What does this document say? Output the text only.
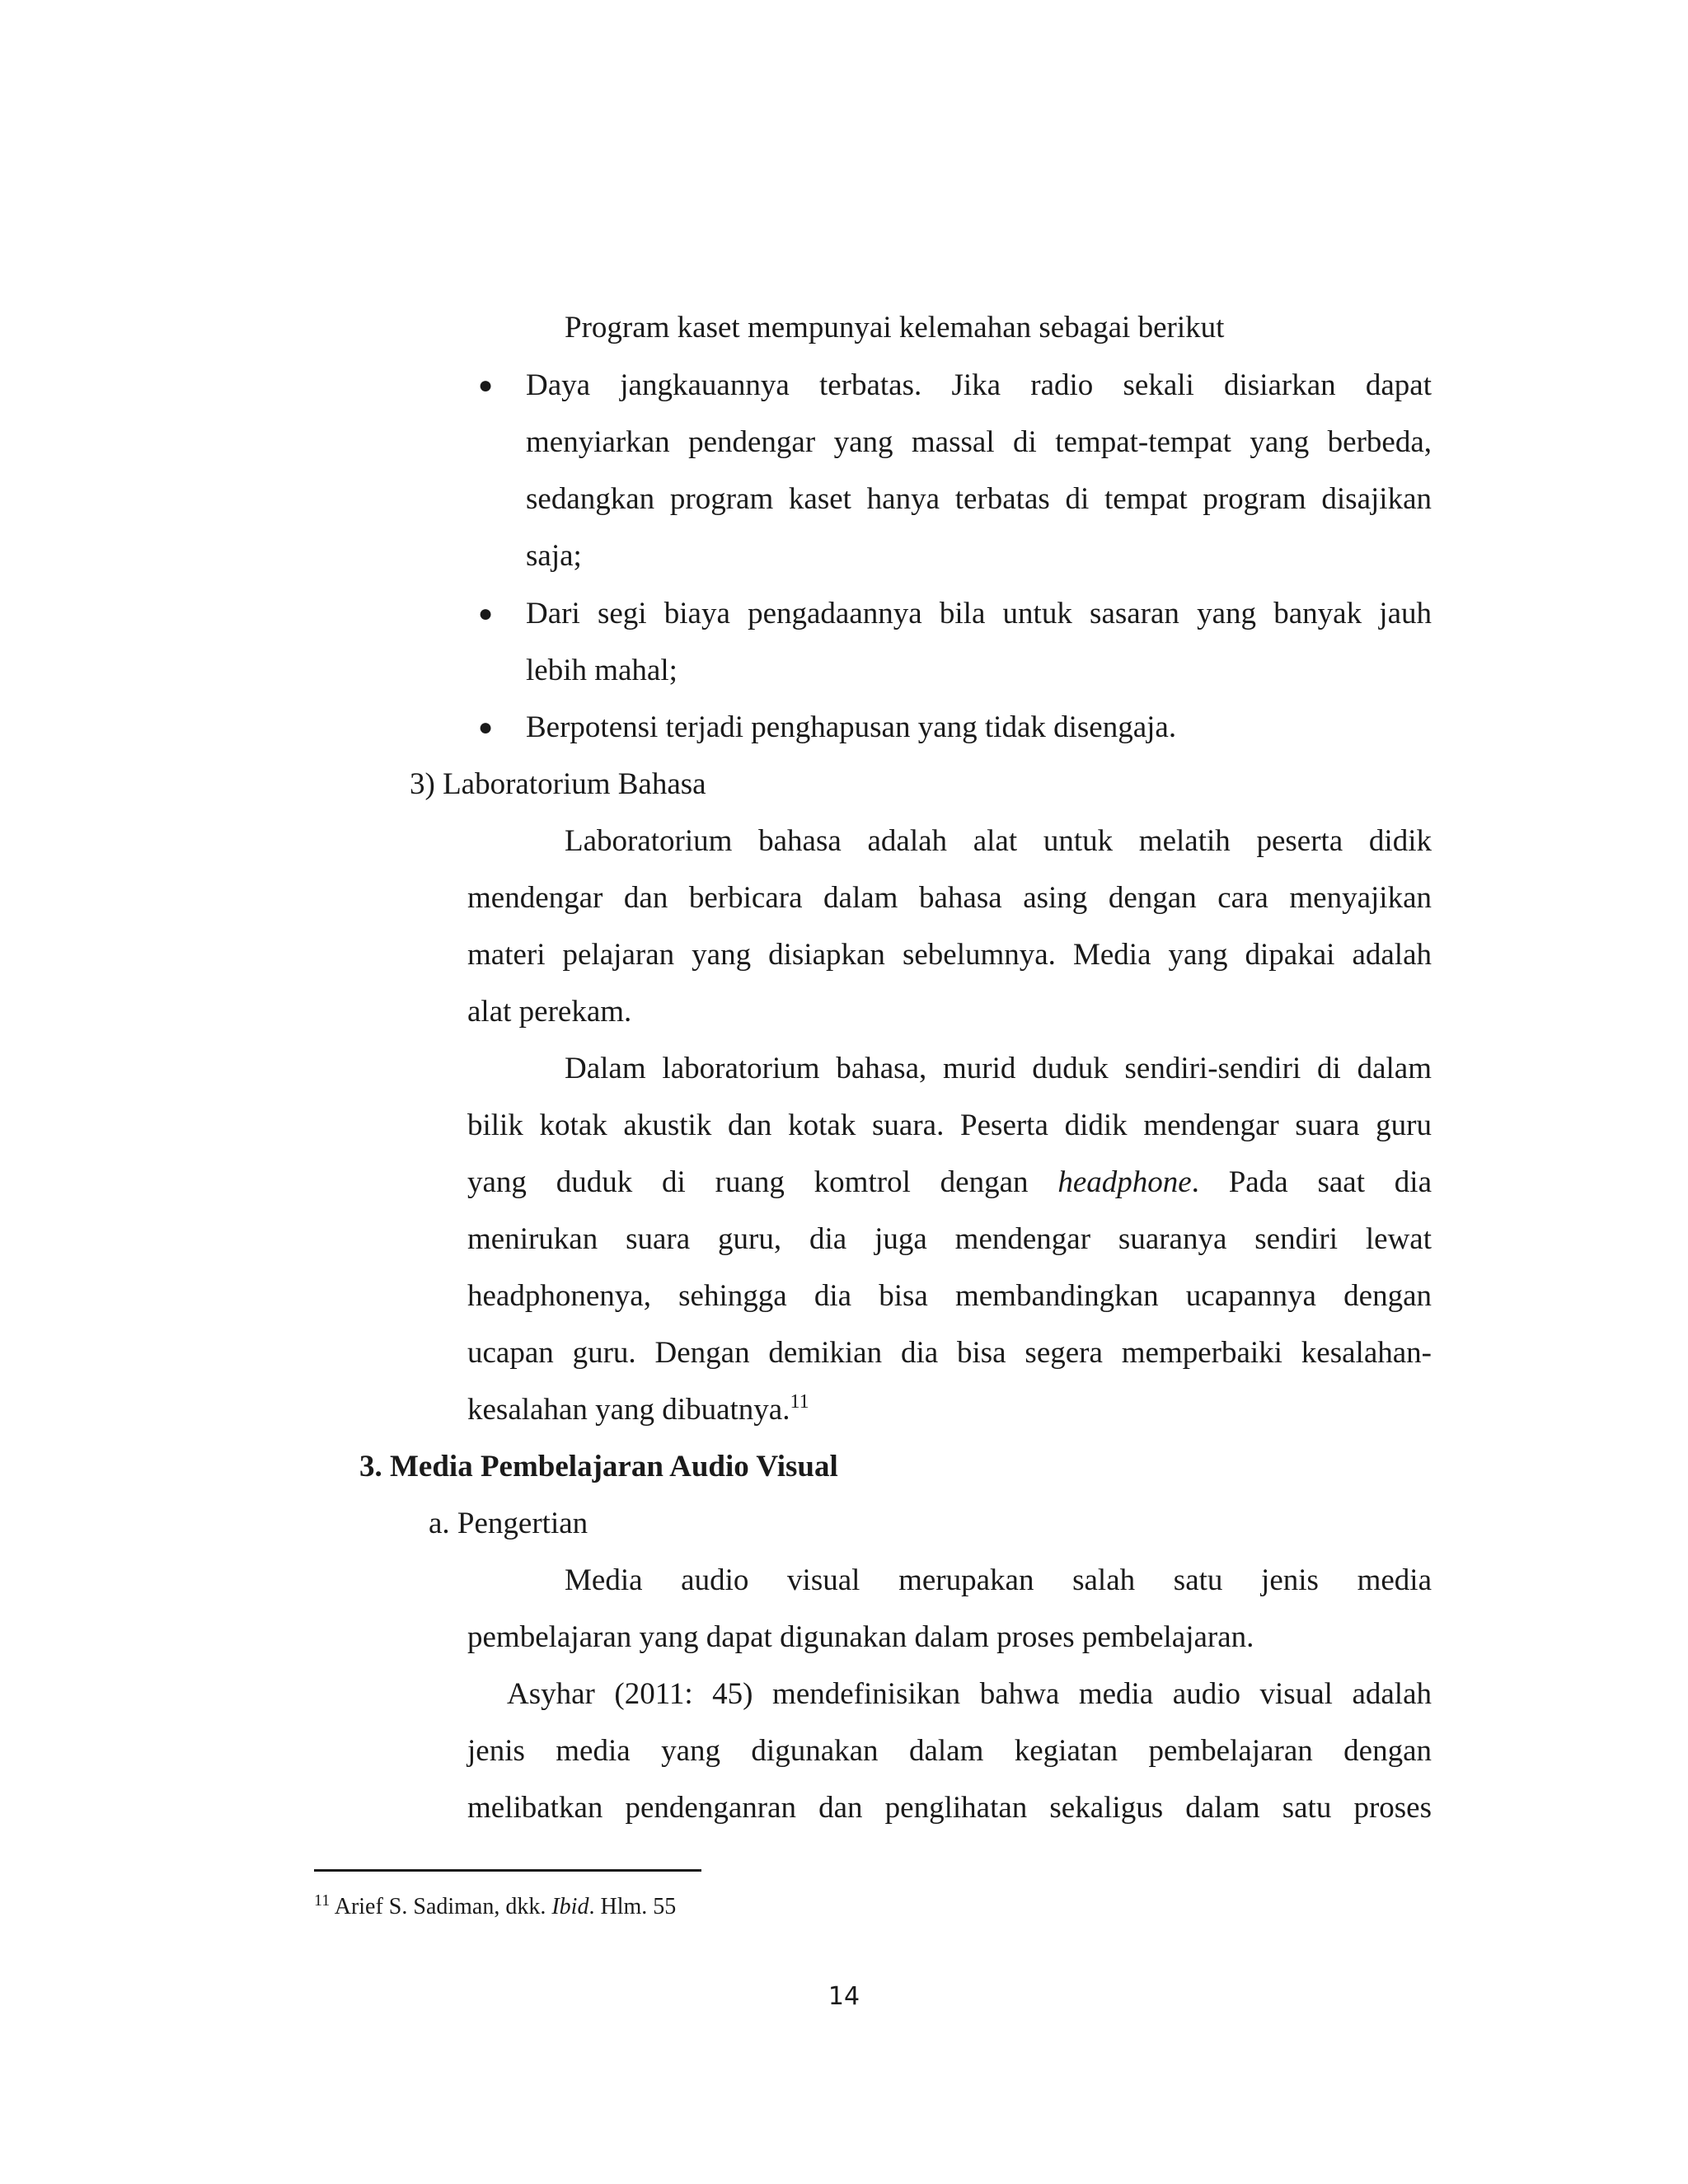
Program kaset mempunyai kelemahan sebagai berikut
● Daya jangkauannya terbatas. Jika radio sekali disiarkan dapat
menyiarkan pendengar yang massal di tempat-tempat yang berbeda,
sedangkan program kaset hanya terbatas di tempat program disajikan
saja;
● Dari segi biaya pengadaannya bila untuk sasaran yang banyak jauh
lebih mahal;
● Berpotensi terjadi penghapusan yang tidak disengaja.
3) Laboratorium Bahasa
Laboratorium bahasa adalah alat untuk melatih peserta didik
mendengar dan berbicara dalam bahasa asing dengan cara menyajikan
materi pelajaran yang disiapkan sebelumnya. Media yang dipakai adalah
alat perekam.
Dalam laboratorium bahasa, murid duduk sendiri-sendiri di dalam
bilik kotak akustik dan kotak suara. Peserta didik mendengar suara guru
yang duduk di ruang komtrol dengan headphone. Pada saat dia
menirukan suara guru, dia juga mendengar suaranya sendiri lewat
headphonenya, sehingga dia bisa membandingkan ucapannya dengan
ucapan guru. Dengan demikian dia bisa segera memperbaiki kesalahan-
kesalahan yang dibuatnya.$^{11}$
3. Media Pembelajaran Audio Visual
a. Pengertian
Media audio visual merupakan salah satu jenis media
pembelajaran yang dapat digunakan dalam proses pembelajaran.
Asyhar (2011: 45) mendefinisikan bahwa media audio visual adalah
jenis media yang digunakan dalam kegiatan pembelajaran dengan
melibatkan pendenganran dan penglihatan sekaligus dalam satu proses
$^{11}$ Arief S. Sadiman, dkk. Ibid. Hlm. 55
14
